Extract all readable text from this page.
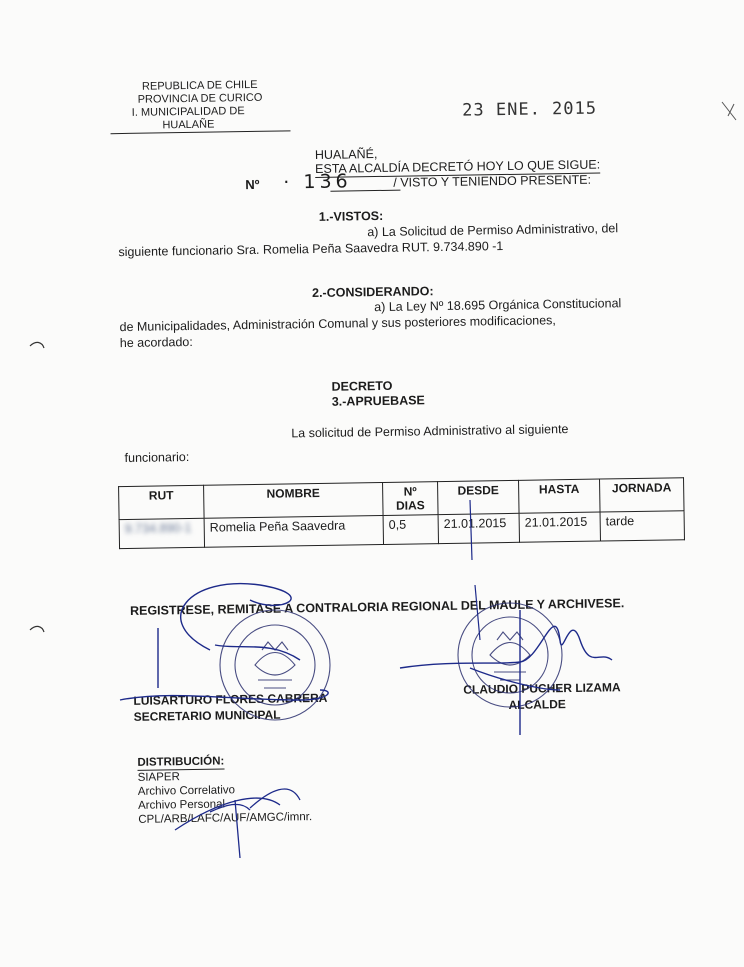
REPUBLICA DE CHILE
PROVINCIA DE CURICO
I. MUNICIPALIDAD DE HUALAÑE
23 ENE. 2015
HUALAÑÉ,
ESTA ALCALDÍA DECRETÓ HOY LO QUE SIGUE:
Nº · 136	/ VISTO Y TENIENDO PRESENTE:
1.-VISTOS:
a) La Solicitud de Permiso Administrativo, del
siguiente funcionario Sra. Romelia Peña Saavedra RUT. 9.734.890 -1
2.-CONSIDERANDO:
a) La Ley Nº 18.695 Orgánica Constitucional
de Municipalidades, Administración Comunal y sus posteriores modificaciones,
he acordado:
DECRETO
3.-APRUEBASE
La solicitud de Permiso Administrativo al siguiente
funcionario:
RUT	NOMBRE	Nº DIAS	DESDE	HASTA	JORNADA
9.734.890-1	Romelia Peña Saavedra	0,5	21.01.2015	21.01.2015	tarde
REGISTRESE, REMITASE A CONTRALORIA REGIONAL DEL MAULE Y ARCHIVESE.
LUISARTURO FLORES CABRERA
SECRETARIO MUNICIPAL
CLAUDIO PUCHER LIZAMA
ALCALDE
DISTRIBUCIÓN:
SIAPER
Archivo Correlativo
Archivo Personal
CPL/ARB/LAFC/AUF/AMGC/imnr.
